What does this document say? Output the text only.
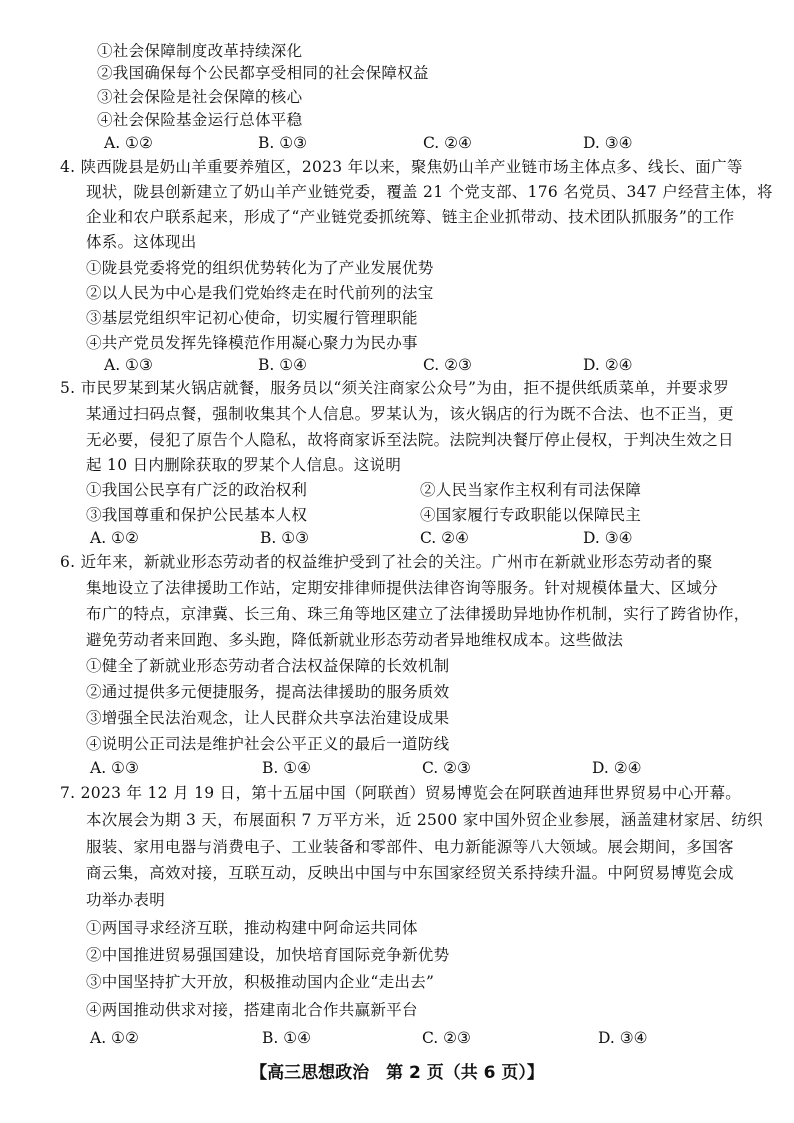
①社会保障制度改革持续深化
②我国确保每个公民都享受相同的社会保障权益
③社会保险是社会保障的核心
④社会保险基金运行总体平稳
A. ①②	B. ①③	C. ②④	D. ③④
4. 陕西陇县是奶山羊重要养殖区，2023 年以来，聚焦奶山羊产业链市场主体点多、线长、面广等
现状，陇县创新建立了奶山羊产业链党委，覆盖 21 个党支部、176 名党员、347 户经营主体，将
企业和农户联系起来，形成了“产业链党委抓统筹、链主企业抓带动、技术团队抓服务”的工作
体系。这体现出
①陇县党委将党的组织优势转化为了产业发展优势
②以人民为中心是我们党始终走在时代前列的法宝
③基层党组织牢记初心使命，切实履行管理职能
④共产党员发挥先锋模范作用凝心聚力为民办事
A. ①③	B. ①④	C. ②③	D. ②④
5. 市民罗某到某火锅店就餐，服务员以“须关注商家公众号”为由，拒不提供纸质菜单，并要求罗
某通过扫码点餐，强制收集其个人信息。罗某认为，该火锅店的行为既不合法、也不正当，更
无必要，侵犯了原告个人隐私，故将商家诉至法院。法院判决餐厅停止侵权，于判决生效之日
起 10 日内删除获取的罗某个人信息。这说明
①我国公民享有广泛的政治权利	②人民当家作主权利有司法保障
③我国尊重和保护公民基本人权	④国家履行专政职能以保障民主
A. ①②	B. ①③	C. ②④	D. ③④
6. 近年来，新就业形态劳动者的权益维护受到了社会的关注。广州市在新就业形态劳动者的聚
集地设立了法律援助工作站，定期安排律师提供法律咨询等服务。针对规模体量大、区域分
布广的特点，京津冀、长三角、珠三角等地区建立了法律援助异地协作机制，实行了跨省协作，
避免劳动者来回跑、多头跑，降低新就业形态劳动者异地维权成本。这些做法
①健全了新就业形态劳动者合法权益保障的长效机制
②通过提供多元便捷服务，提高法律援助的服务质效
③增强全民法治观念，让人民群众共享法治建设成果
④说明公正司法是维护社会公平正义的最后一道防线
A. ①③	B. ①④	C. ②③	D. ②④
7. 2023 年 12 月 19 日，第十五届中国（阿联酋）贸易博览会在阿联酋迪拜世界贸易中心开幕。
本次展会为期 3 天，布展面积 7 万平方米，近 2500 家中国外贸企业参展，涵盖建材家居、纺织
服装、家用电器与消费电子、工业装备和零部件、电力新能源等八大领域。展会期间，多国客
商云集，高效对接，互联互动，反映出中国与中东国家经贸关系持续升温。中阿贸易博览会成
功举办表明
①两国寻求经济互联，推动构建中阿命运共同体
②中国推进贸易强国建设，加快培育国际竞争新优势
③中国坚持扩大开放，积极推动国内企业“走出去”
④两国推动供求对接，搭建南北合作共赢新平台
A. ①②	B. ①④	C. ②③	D. ③④
【高三思想政治　第 2 页（共 6 页）】
